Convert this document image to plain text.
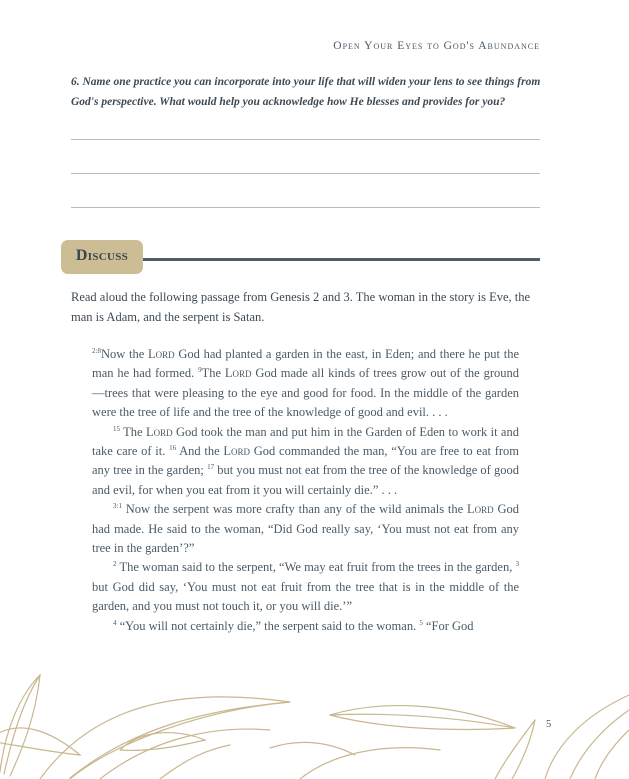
Open Your Eyes to God's Abundance
6. Name one practice you can incorporate into your life that will widen your lens to see things from God's perspective. What would help you acknowledge how He blesses and provides for you?
Discuss
Read aloud the following passage from Genesis 2 and 3. The woman in the story is Eve, the man is Adam, and the serpent is Satan.

$^{2:8}$Now the Lord God had planted a garden in the east, in Eden; and there he put the man he had formed. $^9$The Lord God made all kinds of trees grow out of the ground—trees that were pleasing to the eye and good for food. In the middle of the garden were the tree of life and the tree of the knowledge of good and evil. . . .

$^{15}$ The Lord God took the man and put him in the Garden of Eden to work it and take care of it. $^{16}$ And the Lord God commanded the man, “You are free to eat from any tree in the garden; $^{17}$ but you must not eat from the tree of the knowledge of good and evil, for when you eat from it you will certainly die.” . . .

$^{3:1}$ Now the serpent was more crafty than any of the wild animals the Lord God had made. He said to the woman, “Did God really say, ‘You must not eat from any tree in the garden’?”

$^2$ The woman said to the serpent, “We may eat fruit from the trees in the garden, $^3$ but God did say, ‘You must not eat fruit from the tree that is in the middle of the garden, and you must not touch it, or you will die.’”

$^4$ “You will not certainly die,” the serpent said to the woman. $^5$ “For God

5
